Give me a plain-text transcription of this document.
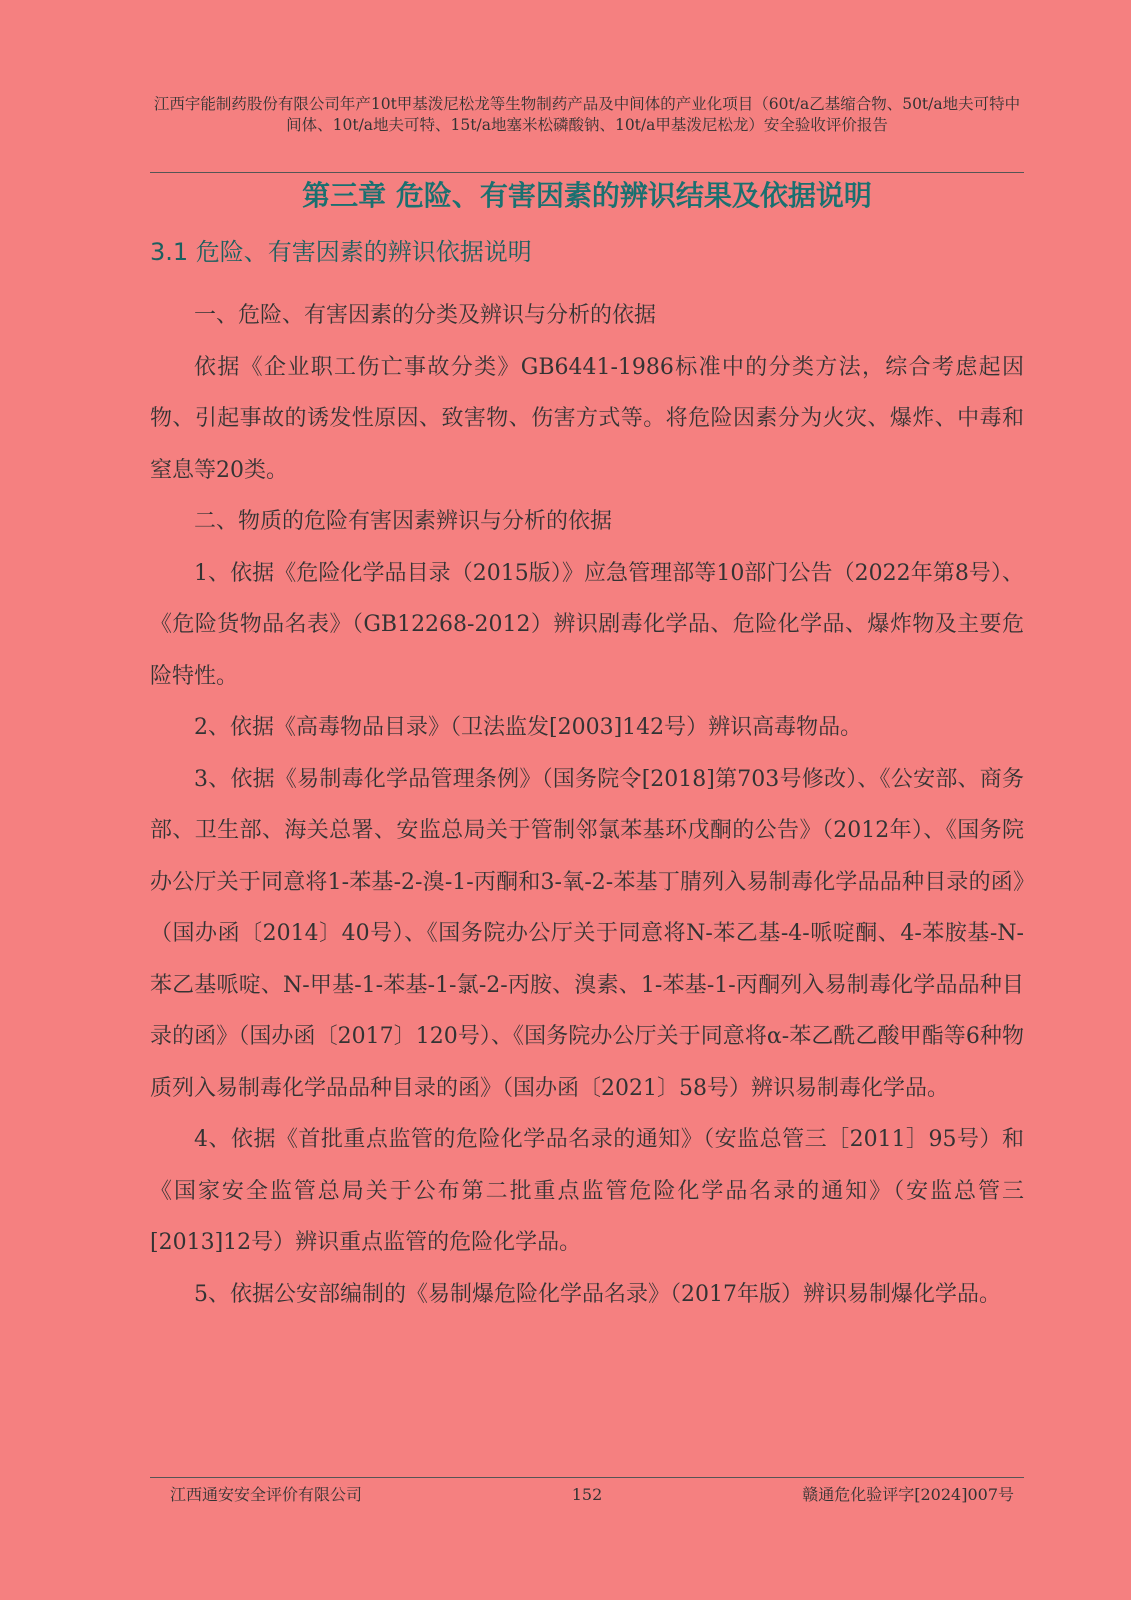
江西宇能制药股份有限公司年产10t甲基泼尼松龙等生物制药产品及中间体的产业化项目（60t/a乙基缩合物、50t/a地夫可特中间体、10t/a地夫可特、15t/a地塞米松磷酸钠、10t/a甲基泼尼松龙）安全验收评价报告
第三章 危险、有害因素的辨识结果及依据说明
3.1 危险、有害因素的辨识依据说明

一、危险、有害因素的分类及辨识与分析的依据

依据《企业职工伤亡事故分类》GB6441-1986标准中的分类方法，综合考虑起因物、引起事故的诱发性原因、致害物、伤害方式等。将危险因素分为火灾、爆炸、中毒和窒息等20类。

二、物质的危险有害因素辨识与分析的依据

1、依据《危险化学品目录（2015版）》应急管理部等10部门公告（2022年第8号）、《危险货物品名表》（GB12268-2012）辨识剧毒化学品、危险化学品、爆炸物及主要危险特性。

2、依据《高毒物品目录》（卫法监发[2003]142号）辨识高毒物品。

3、依据《易制毒化学品管理条例》（国务院令[2018]第703号修改）、《公安部、商务部、卫生部、海关总署、安监总局关于管制邻氯苯基环戊酮的公告》（2012年）、《国务院办公厅关于同意将1-苯基-2-溴-1-丙酮和3-氧-2-苯基丁腈列入易制毒化学品品种目录的函》（国办函〔2014〕40号）、《国务院办公厅关于同意将N-苯乙基-4-哌啶酮、4-苯胺基-N-苯乙基哌啶、N-甲基-1-苯基-1-氯-2-丙胺、溴素、1-苯基-1-丙酮列入易制毒化学品品种目录的函》（国办函〔2017〕120号）、《国务院办公厅关于同意将α-苯乙酰乙酸甲酯等6种物质列入易制毒化学品品种目录的函》（国办函〔2021〕58号）辨识易制毒化学品。

4、依据《首批重点监管的危险化学品名录的通知》（安监总管三［2011］95号）和《国家安全监管总局关于公布第二批重点监管危险化学品名录的通知》（安监总管三[2013]12号）辨识重点监管的危险化学品。

5、依据公安部编制的《易制爆危险化学品名录》（2017年版）辨识易制爆化学品。

江西通安安全评价有限公司	152	赣通危化验评字[2024]007号
